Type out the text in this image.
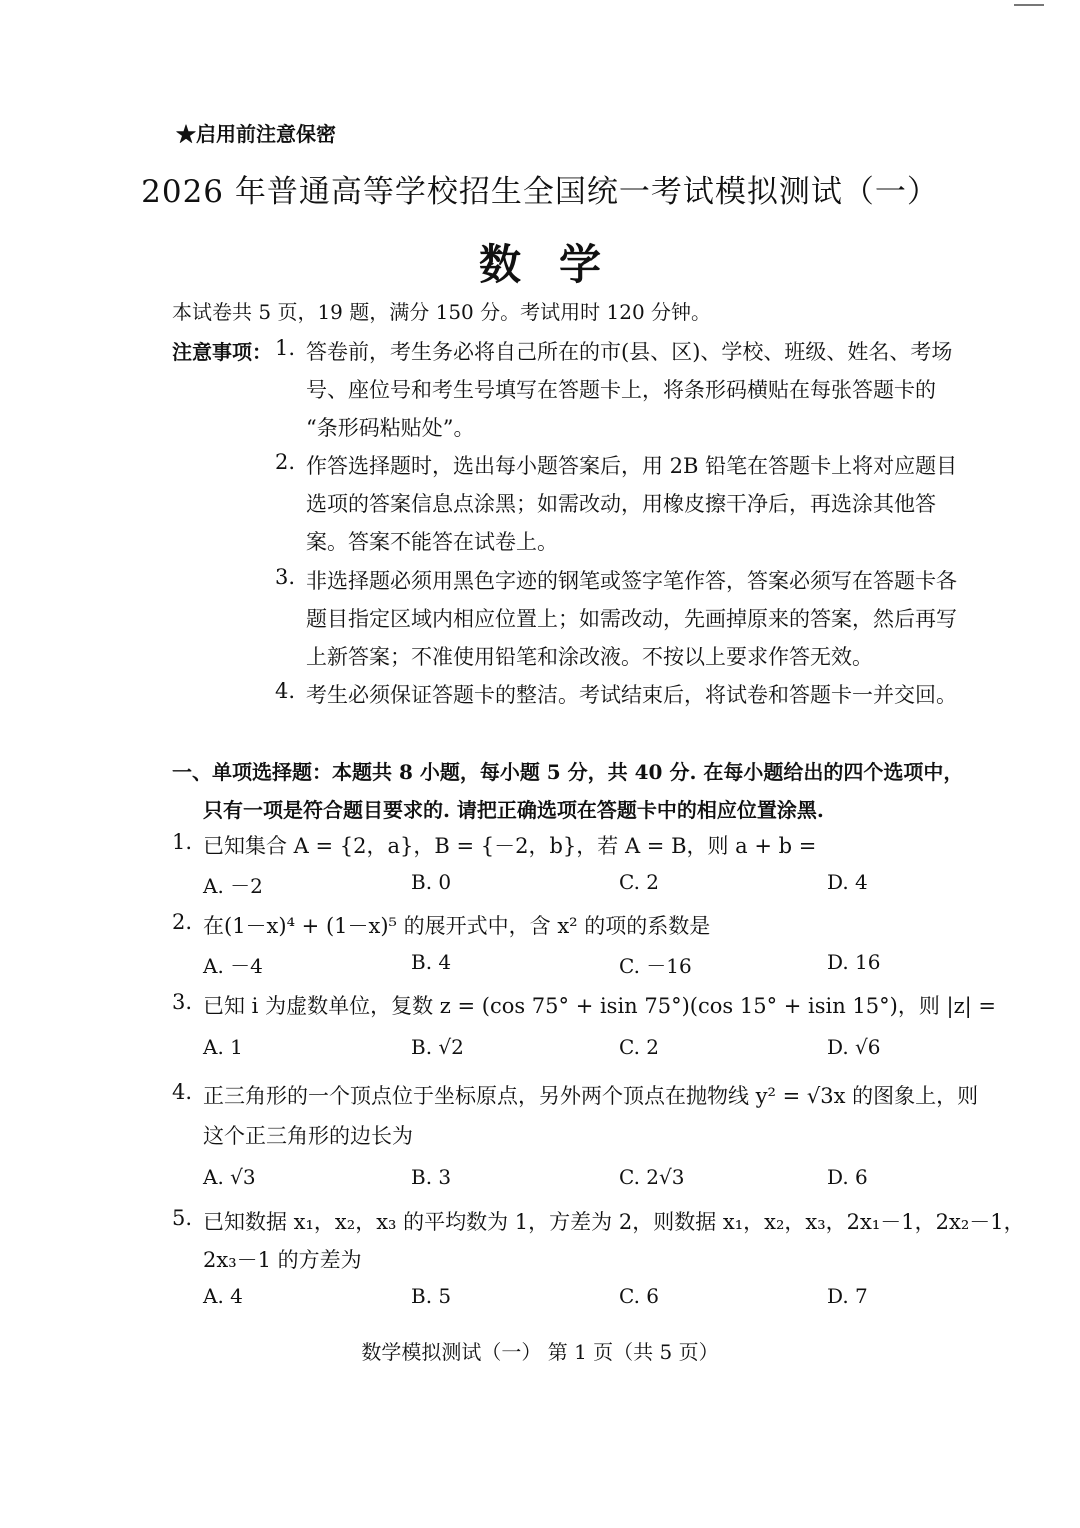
★启用前注意保密
2026 年普通高等学校招生全国统一考试模拟测试（一）
数学
本试卷共 5 页，19 题，满分 150 分。考试用时 120 分钟。
注意事项： 1. 答卷前，考生务必将自己所在的市(县、区)、学校、班级、姓名、考场
号、座位号和考生号填写在答题卡上，将条形码横贴在每张答题卡的
“条形码粘贴处”。
2. 作答选择题时，选出每小题答案后，用 2B 铅笔在答题卡上将对应题目
选项的答案信息点涂黑；如需改动，用橡皮擦干净后，再选涂其他答
案。答案不能答在试卷上。
3. 非选择题必须用黑色字迹的钢笔或签字笔作答，答案必须写在答题卡各
题目指定区域内相应位置上；如需改动，先画掉原来的答案，然后再写
上新答案；不准使用铅笔和涂改液。不按以上要求作答无效。
4. 考生必须保证答题卡的整洁。考试结束后，将试卷和答题卡一并交回。
一、单项选择题：本题共 8 小题，每小题 5 分，共 40 分. 在每小题给出的四个选项中，
只有一项是符合题目要求的. 请把正确选项在答题卡中的相应位置涂黑.
1. 已知集合 A = {2，a}，B = {－2，b}，若 A = B，则 a + b =
A. －2	B. 0	C. 2	D. 4
2. 在(1－x)⁴ + (1－x)⁵ 的展开式中，含 x² 的项的系数是
A. －4	B. 4	C. －16	D. 16
3. 已知 i 为虚数单位，复数 z = (cos 75° + isin 75°)(cos 15° + isin 15°)，则 |z| =
A. 1	B. √2	C. 2	D. √6
4. 正三角形的一个顶点位于坐标原点，另外两个顶点在抛物线 y² = √3x 的图象上，则
这个正三角形的边长为
A. √3	B. 3	C. 2√3	D. 6
5. 已知数据 x₁，x₂，x₃ 的平均数为 1，方差为 2，则数据 x₁，x₂，x₃，2x₁－1，2x₂－1，
2x₃－1 的方差为
A. 4	B. 5	C. 6	D. 7
数学模拟测试（一） 第 1 页（共 5 页）
